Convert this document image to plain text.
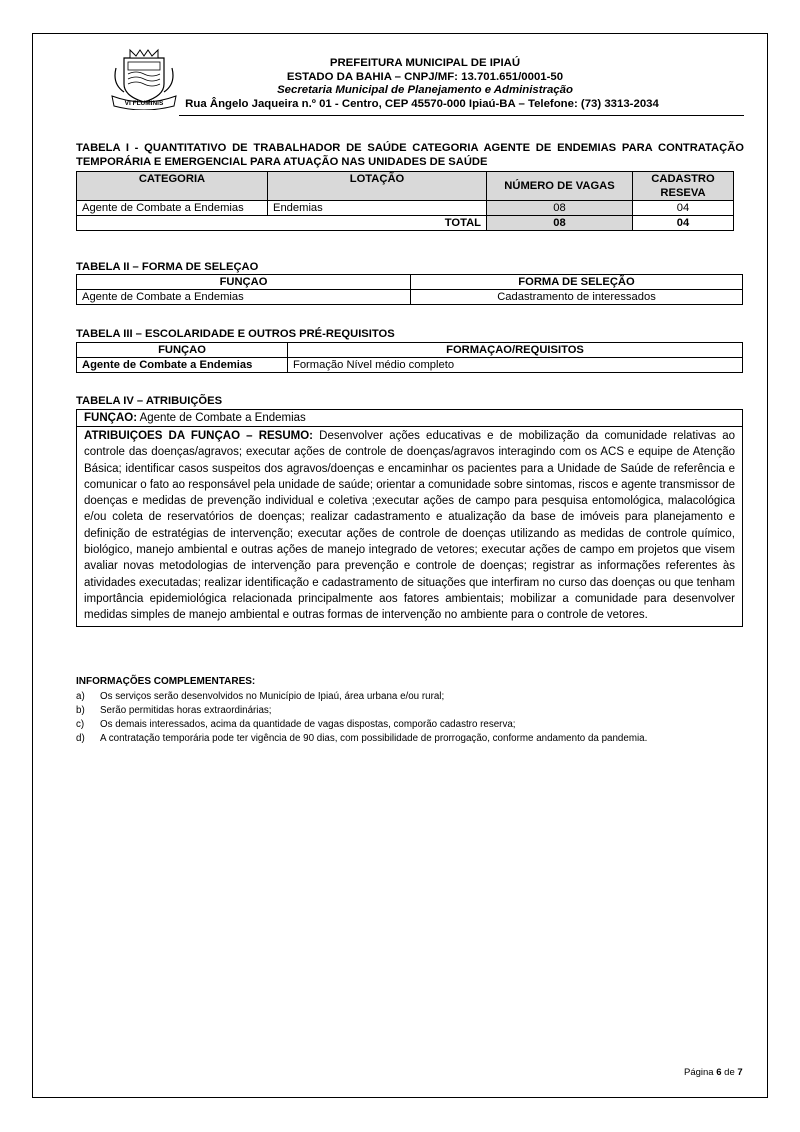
VI FLUMINIS
PREFEITURA MUNICIPAL DE IPIAÚ
ESTADO DA BAHIA – CNPJ/MF: 13.701.651/0001-50
Secretaria Municipal de Planejamento e Administração
Rua Ângelo Jaqueira n.º 01 - Centro, CEP 45570-000 Ipiaú-BA – Telefone: (73) 3313-2034
TABELA I - QUANTITATIVO DE TRABALHADOR DE SAÚDE CATEGORIA AGENTE DE ENDEMIAS PARA CONTRATAÇÃO
TEMPORÁRIA E EMERGENCIAL PARA ATUAÇÃO NAS UNIDADES DE SAÚDE
CATEGORIA	LOTAÇÃO	NÚMERO DE VAGAS	CADASTRO RESEVA
Agente de Combate a Endemias	Endemias	08	04
TOTAL		08	04
TABELA II – FORMA DE SELEÇAO
FUNÇAO	FORMA DE SELEÇÃO
Agente de Combate a Endemias	Cadastramento de interessados
TABELA III – ESCOLARIDADE E OUTROS PRÉ-REQUISITOS
FUNÇAO	FORMAÇAO/REQUISITOS
Agente de Combate a Endemias	Formação Nível médio completo
TABELA IV – ATRIBUIÇÕES
FUNÇAO: Agente de Combate a Endemias
ATRIBUIÇOES DA FUNÇAO – RESUMO: Desenvolver ações educativas e de mobilização da comunidade relativas ao controle das doenças/agravos; executar ações de controle de doenças/agravos interagindo com os ACS e equipe de Atenção Básica; identificar casos suspeitos dos agravos/doenças e encaminhar os pacientes para a Unidade de Saúde de referência e comunicar o fato ao responsável pela unidade de saúde; orientar a comunidade sobre sintomas, riscos e agente transmissor de doenças e medidas de prevenção individual e coletiva ;executar ações de campo para pesquisa entomológica, malacológica e/ou coleta de reservatórios de doenças; realizar cadastramento e atualização da base de imóveis para planejamento e definição de estratégias de intervenção; executar ações de controle de doenças utilizando as medidas de controle químico, biológico, manejo ambiental e outras ações de manejo integrado de vetores; executar ações de campo em projetos que visem avaliar novas metodologias de intervenção para prevenção e controle de doenças; registrar as informações referentes às atividades executadas; realizar identificação e cadastramento de situações que interfiram no curso das doenças ou que tenham importância epidemiológica relacionada principalmente aos fatores ambientais; mobilizar a comunidade para desenvolver medidas simples de manejo ambiental e outras formas de intervenção no ambiente para o controle de vetores.
INFORMAÇÕES COMPLEMENTARES:
a)	Os serviços serão desenvolvidos no Município de Ipiaú, área urbana e/ou rural;
b)	Serão permitidas horas extraordinárias;
c)	Os demais interessados, acima da quantidade de vagas dispostas, comporão cadastro reserva;
d)	A contratação temporária pode ter vigência de 90 dias, com possibilidade de prorrogação, conforme andamento da pandemia.
Página 6 de 7
